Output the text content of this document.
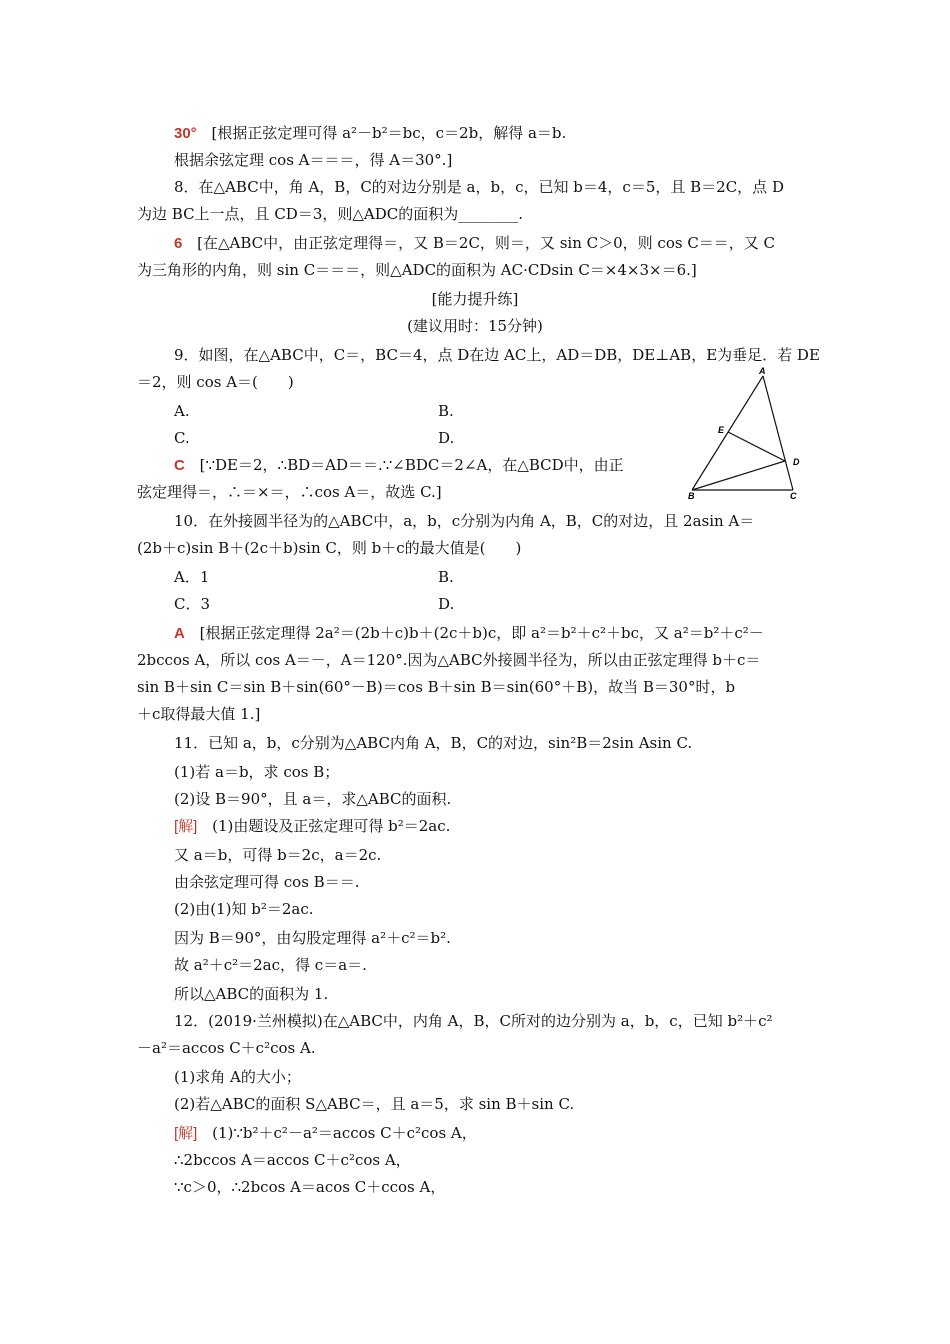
30° [根据正弦定理可得 a²－b²＝bc，c＝2b，解得 a＝b.
根据余弦定理 cos A＝＝＝，得 A＝30°.]
8．在△ABC中，角 A，B，C的对边分别是 a，b，c，已知 b＝4，c＝5，且 B＝2C，点 D
为边 BC上一点，且 CD＝3，则△ADC的面积为________.
6 [在△ABC中，由正弦定理得＝，又 B＝2C，则＝，又 sin C＞0，则 cos C＝＝，又 C
为三角形的内角，则 sin C＝＝＝，则△ADC的面积为 AC·CDsin C＝×4×3×＝6.]
[能力提升练]
(建议用时：15分钟)
9．如图，在△ABC中，C＝，BC＝4，点 D在边 AC上，AD＝DB，DE⊥AB，E为垂足．若 DE
＝2，则 cos A＝(　　)
A.	B.
C.	D.
C [∵DE＝2，∴BD＝AD＝＝.∵∠BDC＝2∠A，在△BCD中，由正
弦定理得＝，∴＝×＝，∴cos A＝，故选 C.]
A
B	C
D
E
10．在外接圆半径为的△ABC中，a，b，c分别为内角 A，B，C的对边，且 2asin A＝
(2b＋c)sin B＋(2c＋b)sin C，则 b＋c的最大值是(　　)
A．1	B.
C．3	D.
A [根据正弦定理得 2a²＝(2b＋c)b＋(2c＋b)c，即 a²＝b²＋c²＋bc，又 a²＝b²＋c²－
2bccos A，所以 cos A＝－，A＝120°.因为△ABC外接圆半径为，所以由正弦定理得 b＋c＝
sin B＋sin C＝sin B＋sin(60°－B)＝cos B＋sin B＝sin(60°＋B)，故当 B＝30°时，b
＋c取得最大值 1.]
11．已知 a，b，c分别为△ABC内角 A，B，C的对边，sin²B＝2sin Asin C.
(1)若 a＝b，求 cos B；
(2)设 B＝90°，且 a＝，求△ABC的面积.
[解] (1)由题设及正弦定理可得 b²＝2ac.
又 a＝b，可得 b＝2c，a＝2c.
由余弦定理可得 cos B＝＝.
(2)由(1)知 b²＝2ac.
因为 B＝90°，由勾股定理得 a²＋c²＝b².
故 a²＋c²＝2ac，得 c＝a＝.
所以△ABC的面积为 1.
12．(2019·兰州模拟)在△ABC中，内角 A，B，C所对的边分别为 a，b，c，已知 b²＋c²
－a²＝accos C＋c²cos A.
(1)求角 A的大小；
(2)若△ABC的面积 S△ABC＝，且 a＝5，求 sin B＋sin C.
[解] (1)∵b²＋c²－a²＝accos C＋c²cos A，
∴2bccos A＝accos C＋c²cos A，
∵c＞0，∴2bcos A＝acos C＋ccos A，
